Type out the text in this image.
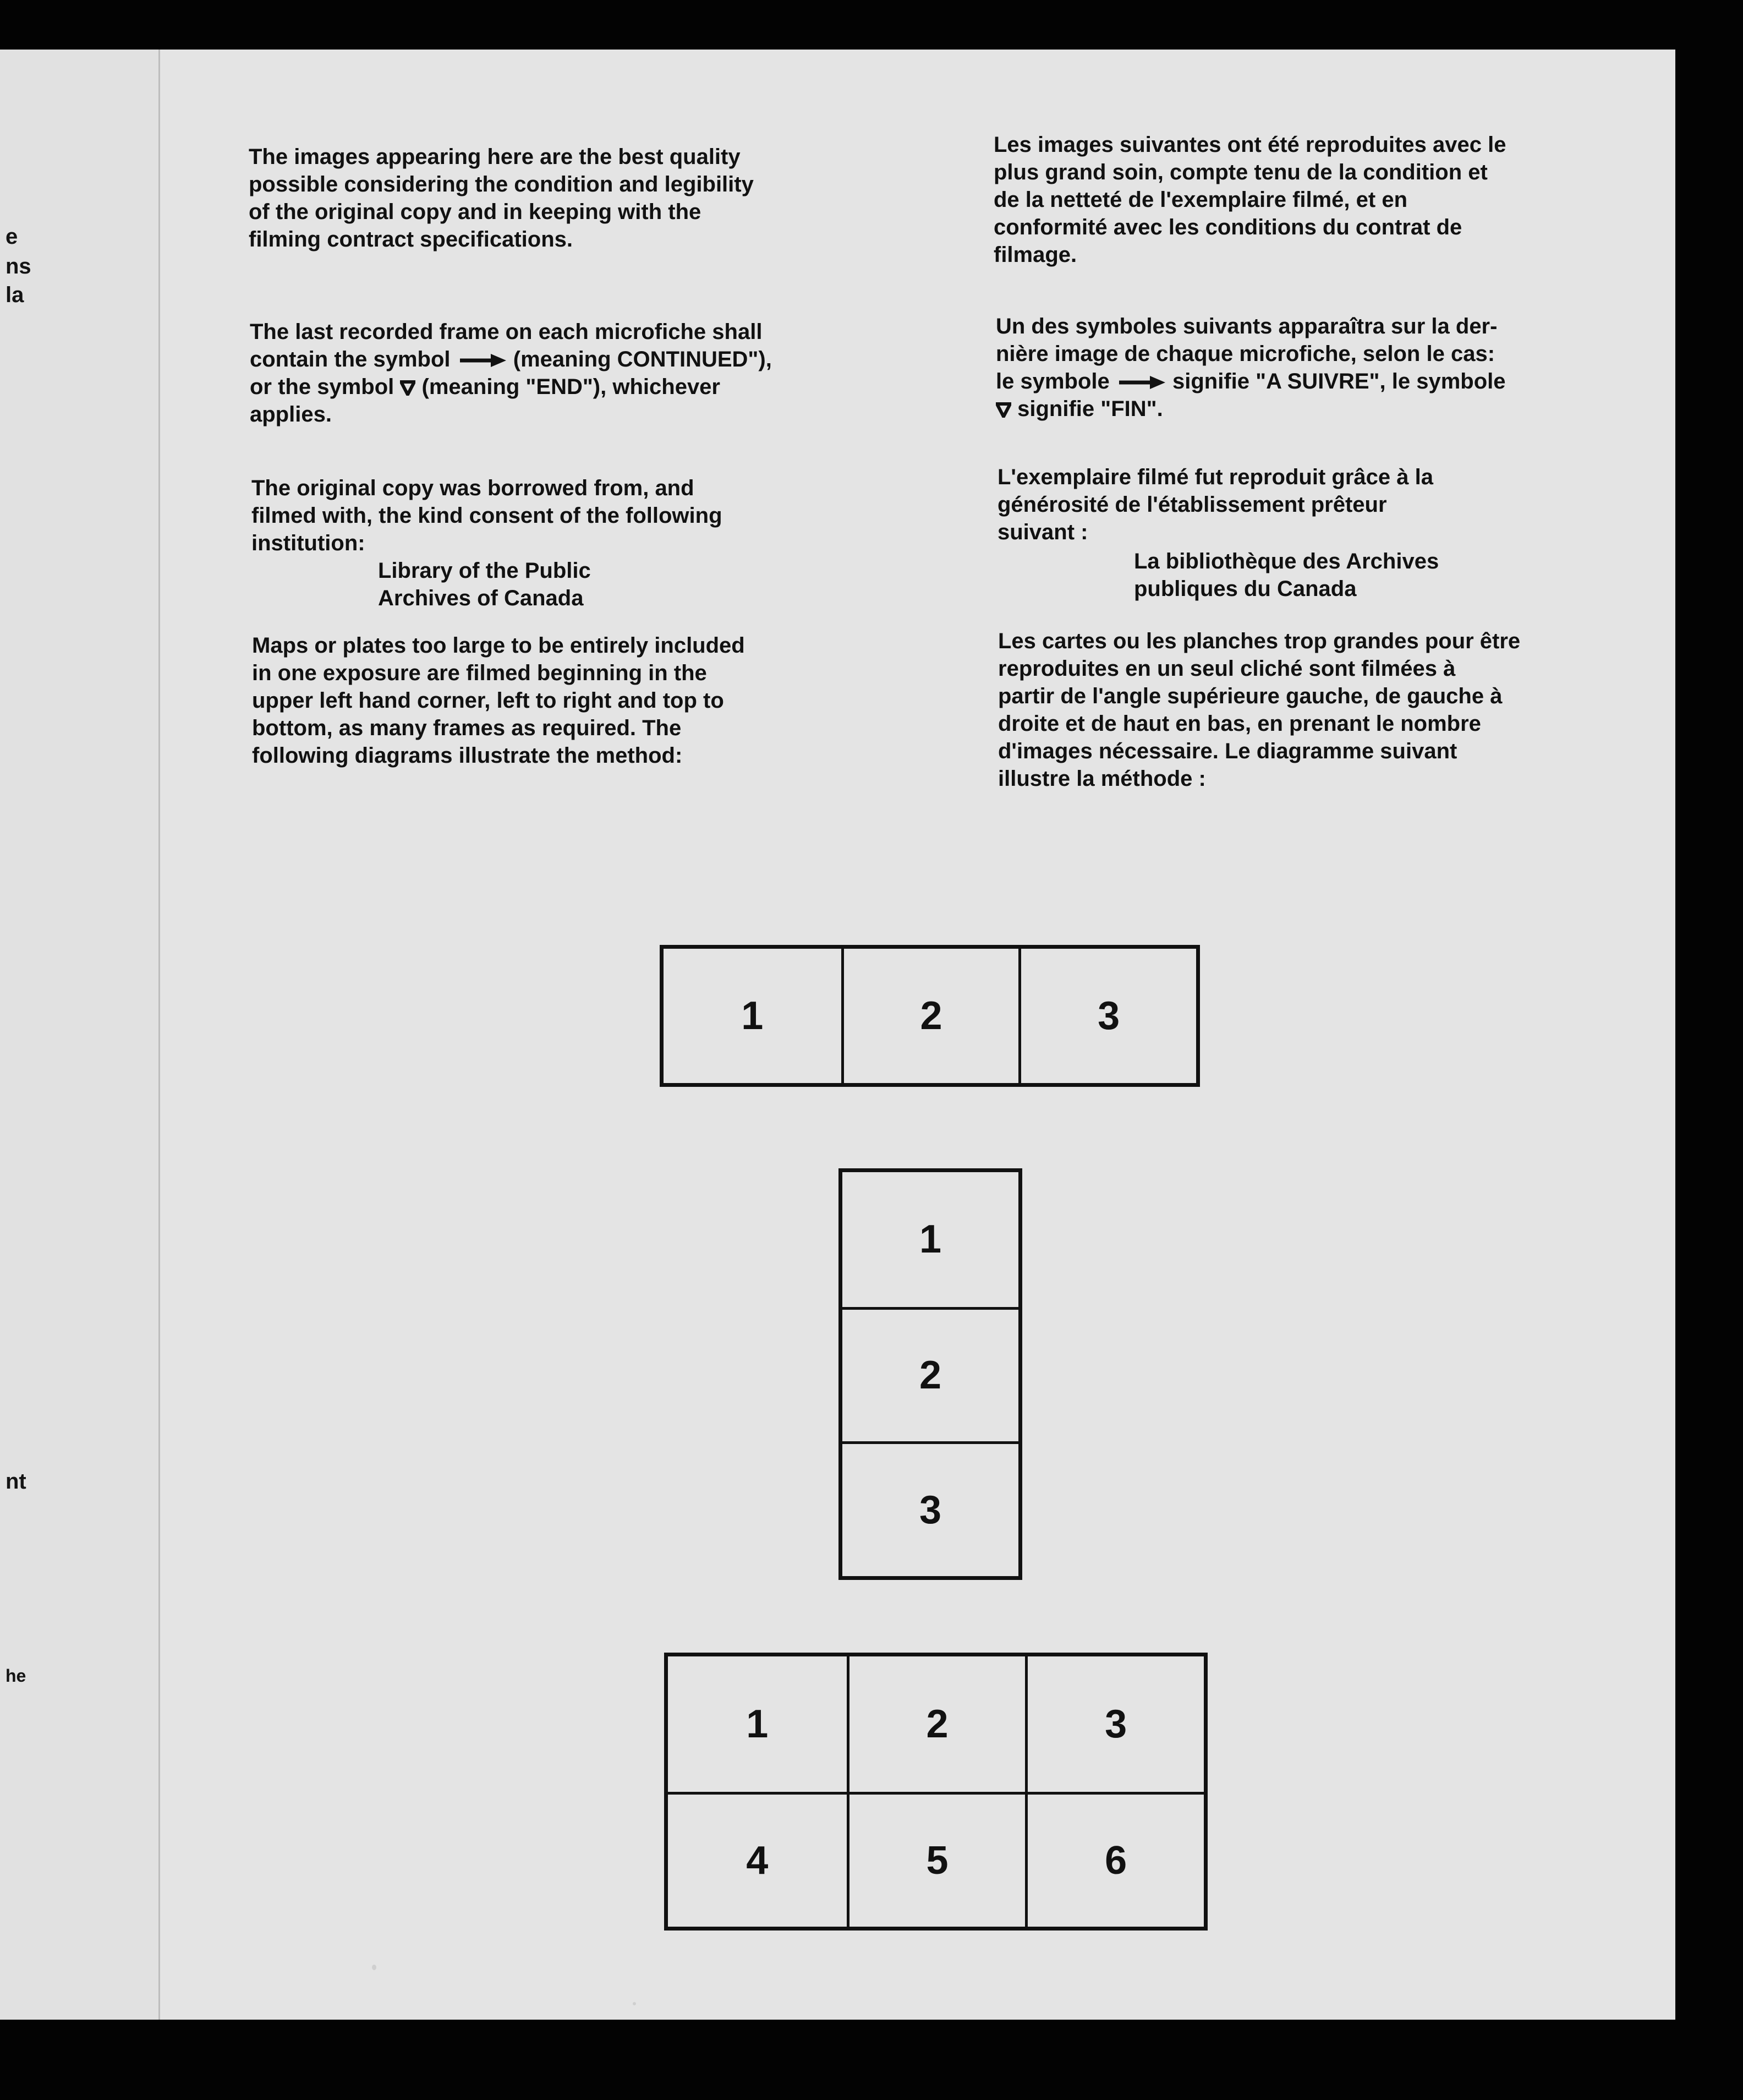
e
ns
la
nt
he

The images appearing here are the best quality
possible considering the condition and legibility
of the original copy and in keeping with the
filming contract specifications.

The last recorded frame on each microfiche shall
contain the symbol	(meaning CONTINUED"),
or the symbol (meaning "END"), whichever
applies.

The original copy was borrowed from, and
filmed with, the kind consent of the following
institution:

Library of the Public
Archives of Canada

Maps or plates too large to be entirely included
in one exposure are filmed beginning in the
upper left hand corner, left to right and top to
bottom, as many frames as required. The
following diagrams illustrate the method:

Les images suivantes ont été reproduites avec le
plus grand soin, compte tenu de la condition et
de la netteté de l'exemplaire filmé, et en
conformité avec les conditions du contrat de
filmage.

Un des symboles suivants apparaîtra sur la der-
nière image de chaque microfiche, selon le cas:
le symbole	signifie "A SUIVRE", le symbole
signifie "FIN".

L'exemplaire filmé fut reproduit grâce à la
générosité de l'établissement prêteur
suivant :

La bibliothèque des Archives
publiques du Canada

Les cartes ou les planches trop grandes pour être
reproduites en un seul cliché sont filmées à
partir de l'angle supérieure gauche, de gauche à
droite et de haut en bas, en prenant le nombre
d'images nécessaire. Le diagramme suivant
illustre la méthode :

1	2	3
1
2
3
1	2	3
4	5	6
